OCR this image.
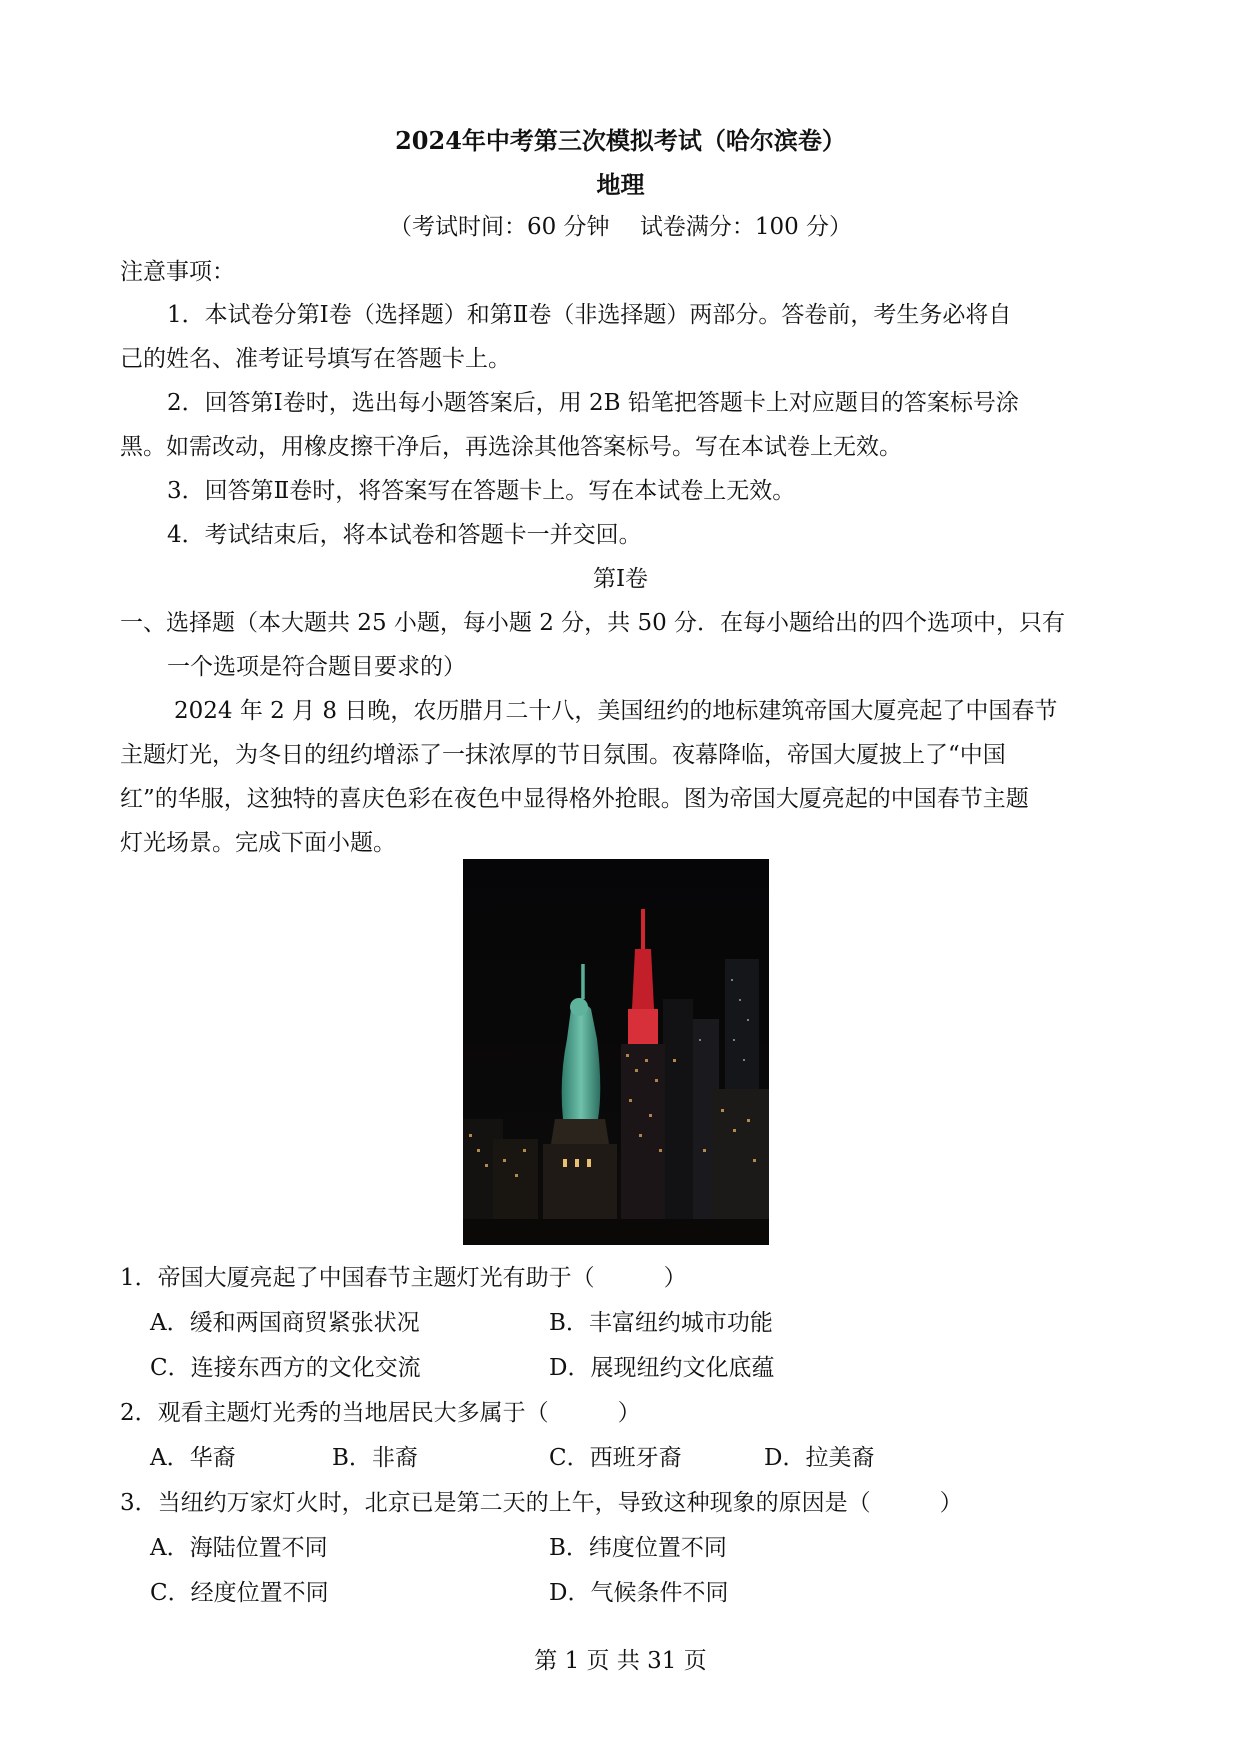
2024年中考第三次模拟考试（哈尔滨卷）
地理
（考试时间：60 分钟　 试卷满分：100 分）
注意事项：
1．本试卷分第Ⅰ卷（选择题）和第Ⅱ卷（非选择题）两部分。答卷前，考生务必将自
己的姓名、准考证号填写在答题卡上。
2．回答第Ⅰ卷时，选出每小题答案后，用 2B 铅笔把答题卡上对应题目的答案标号涂
黑。如需改动，用橡皮擦干净后，再选涂其他答案标号。写在本试卷上无效。
3．回答第Ⅱ卷时，将答案写在答题卡上。写在本试卷上无效。
4．考试结束后，将本试卷和答题卡一并交回。
第Ⅰ卷
一、选择题（本大题共 25 小题，每小题 2 分，共 50 分．在每小题给出的四个选项中，只有
一个选项是符合题目要求的）
2024 年 2 月 8 日晚，农历腊月二十八，美国纽约的地标建筑帝国大厦亮起了中国春节
主题灯光，为冬日的纽约增添了一抹浓厚的节日氛围。夜幕降临，帝国大厦披上了“中国
红”的华服，这独特的喜庆色彩在夜色中显得格外抢眼。图为帝国大厦亮起的中国春节主题
灯光场景。完成下面小题。
1．帝国大厦亮起了中国春节主题灯光有助于（　　　）
A．缓和两国商贸紧张状况	B．丰富纽约城市功能
C．连接东西方的文化交流	D．展现纽约文化底蕴
2．观看主题灯光秀的当地居民大多属于（　　　）
A．华裔	B．非裔	C．西班牙裔	D．拉美裔
3．当纽约万家灯火时，北京已是第二天的上午，导致这种现象的原因是（　　　）
A．海陆位置不同	B．纬度位置不同
C．经度位置不同	D．气候条件不同
第 1 页 共 31 页
